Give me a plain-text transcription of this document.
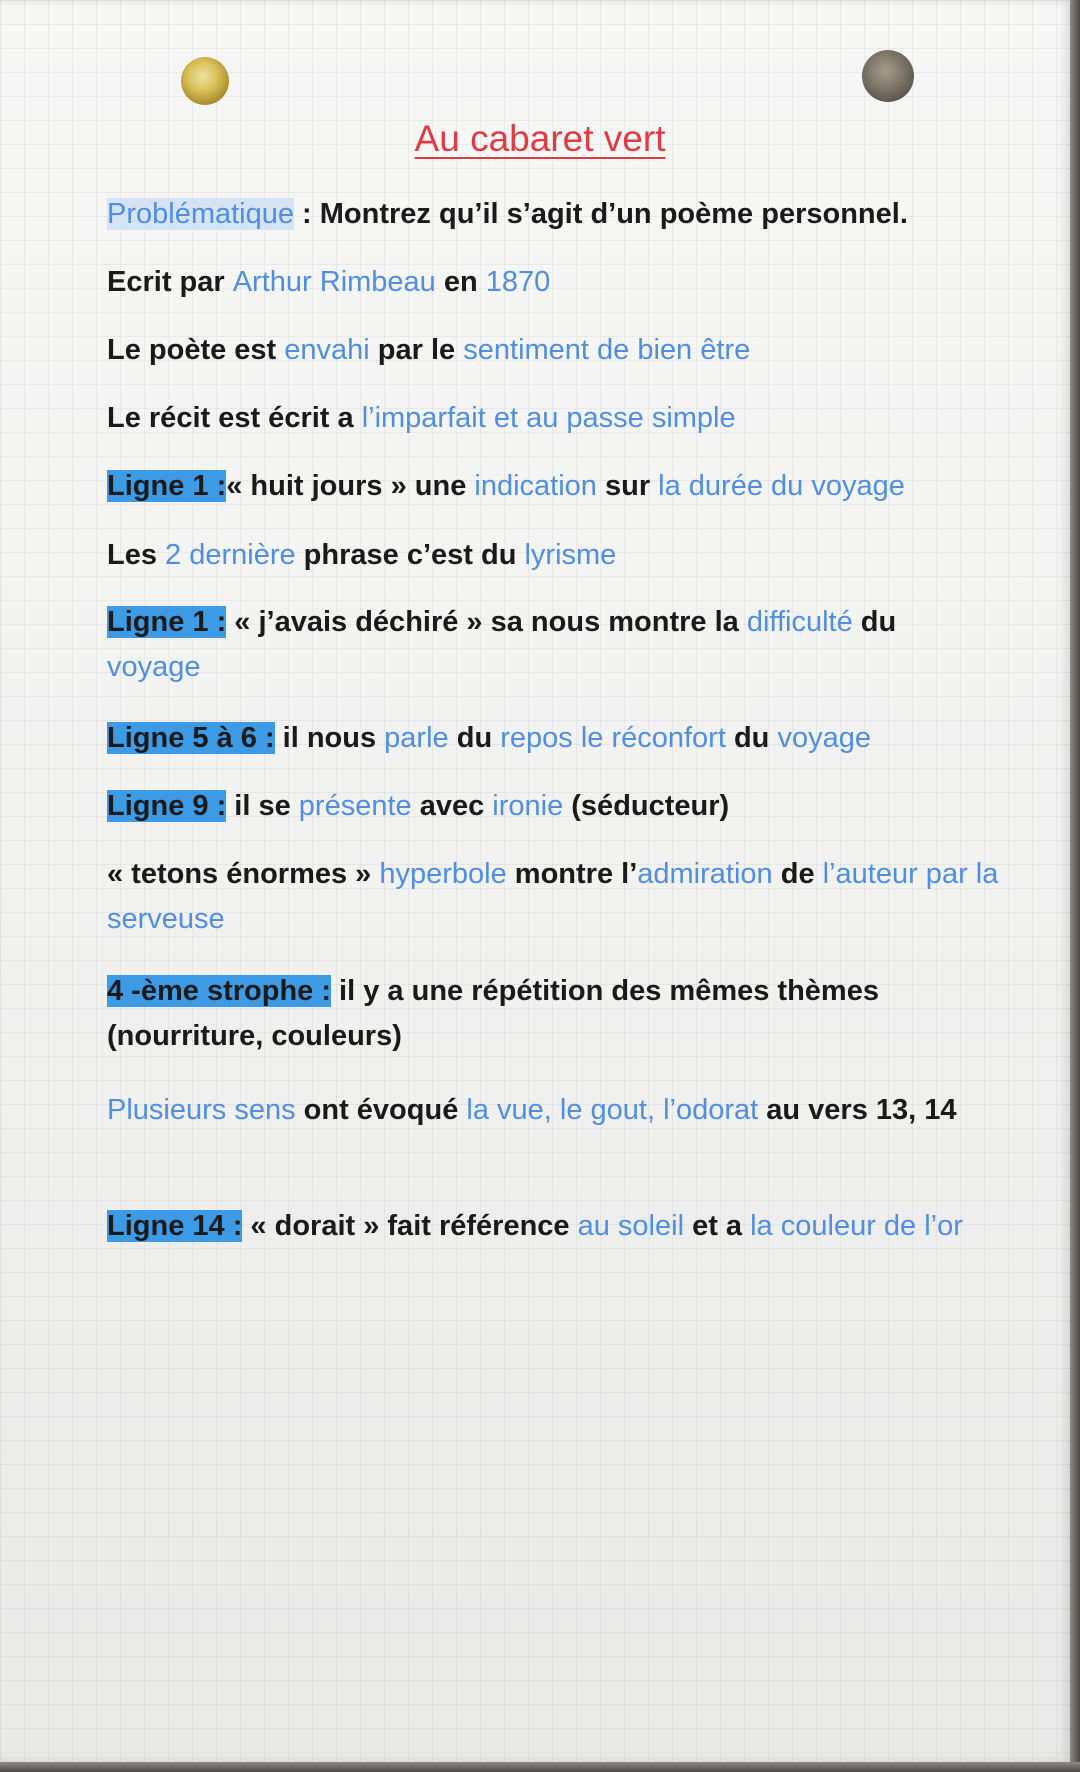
Au cabaret vert
Problématique : Montrez qu’il s’agit d’un poème personnel.
Ecrit par Arthur Rimbeau en 1870
Le poète est envahi par le sentiment de bien être
Le récit est écrit a l’imparfait et au passe simple
Ligne 1 :« huit jours » une indication sur la durée du voyage
Les 2 dernière phrase c’est du lyrisme
Ligne 1 : « j’avais déchiré » sa nous montre la difficulté du
voyage
Ligne 5 à 6 : il nous parle du repos le réconfort du voyage
Ligne 9 : il se présente avec ironie (séducteur)
« tetons énormes » hyperbole montre l’admiration de l’auteur par la serveuse
4 -ème strophe : il y a une répétition des mêmes thèmes (nourriture, couleurs)
Plusieurs sens ont évoqué la vue, le gout, l’odorat au vers 13, 14
Ligne 14 : « dorait » fait référence au soleil et a la couleur de l’or
